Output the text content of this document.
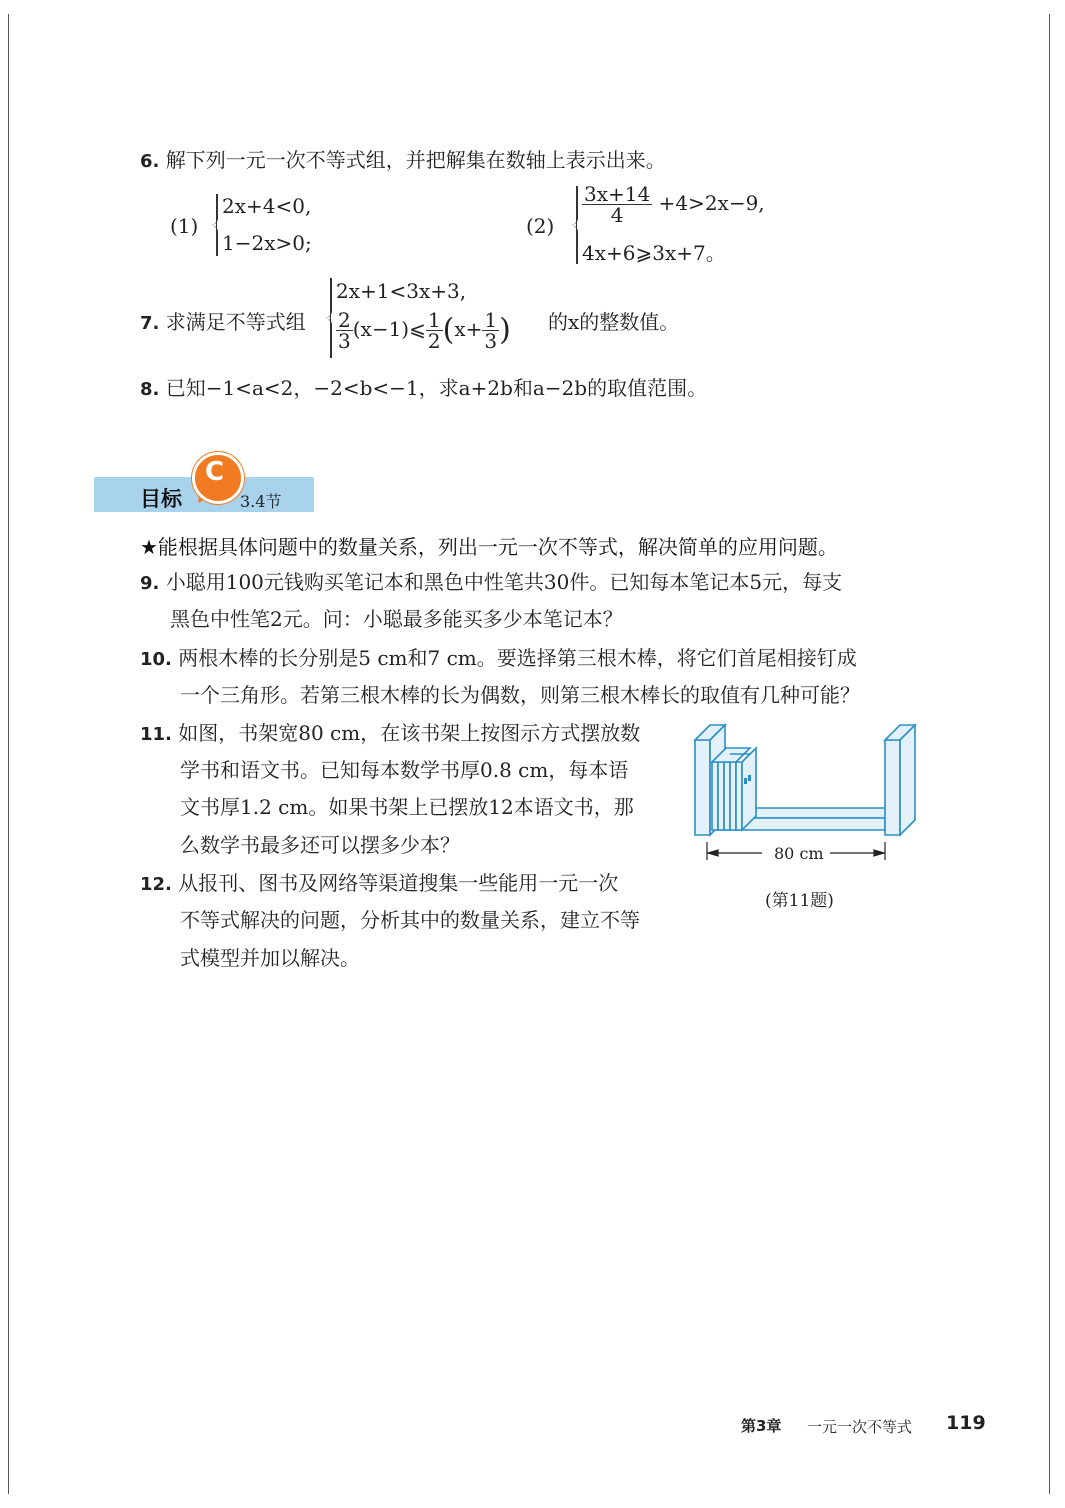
6. 解下列一元一次不等式组，并把解集在数轴上表示出来。
(1)
2x+4<0,
1−2x>0;
(2)
$\frac{3x+14}{4} +4>2x-9$,
4x+6⩾3x+7。
7. 求满足不等式组
2x+1<3x+3,
$\frac{2}{3}$ (x−1)⩽ $\frac{1}{2} (x+ \frac{1}{3}$ ) 的x的整数值。
8. 已知−1<a<2，−2<b<−1，求a+2b和a−2b的取值范围。
C
目标	3.4节
★能根据具体问题中的数量关系，列出一元一次不等式，解决简单的应用问题。
9. 小聪用100元钱购买笔记本和黑色中性笔共30件。已知每本笔记本5元，每支
黑色中性笔2元。问：小聪最多能买多少本笔记本？
10. 两根木棒的长分别是5 cm和7 cm。要选择第三根木棒，将它们首尾相接钉成
一个三角形。若第三根木棒的长为偶数，则第三根木棒长的取值有几种可能？
11. 如图，书架宽80 cm，在该书架上按图示方式摆放数
学书和语文书。已知每本数学书厚0.8 cm，每本语
文书厚1.2 cm。如果书架上已摆放12本语文书，那
么数学书最多还可以摆多少本？
12. 从报刊、图书及网络等渠道搜集一些能用一元一次
不等式解决的问题，分析其中的数量关系，建立不等
式模型并加以解决。
80 cm
(第11题)
第3章 一元一次不等式 119
